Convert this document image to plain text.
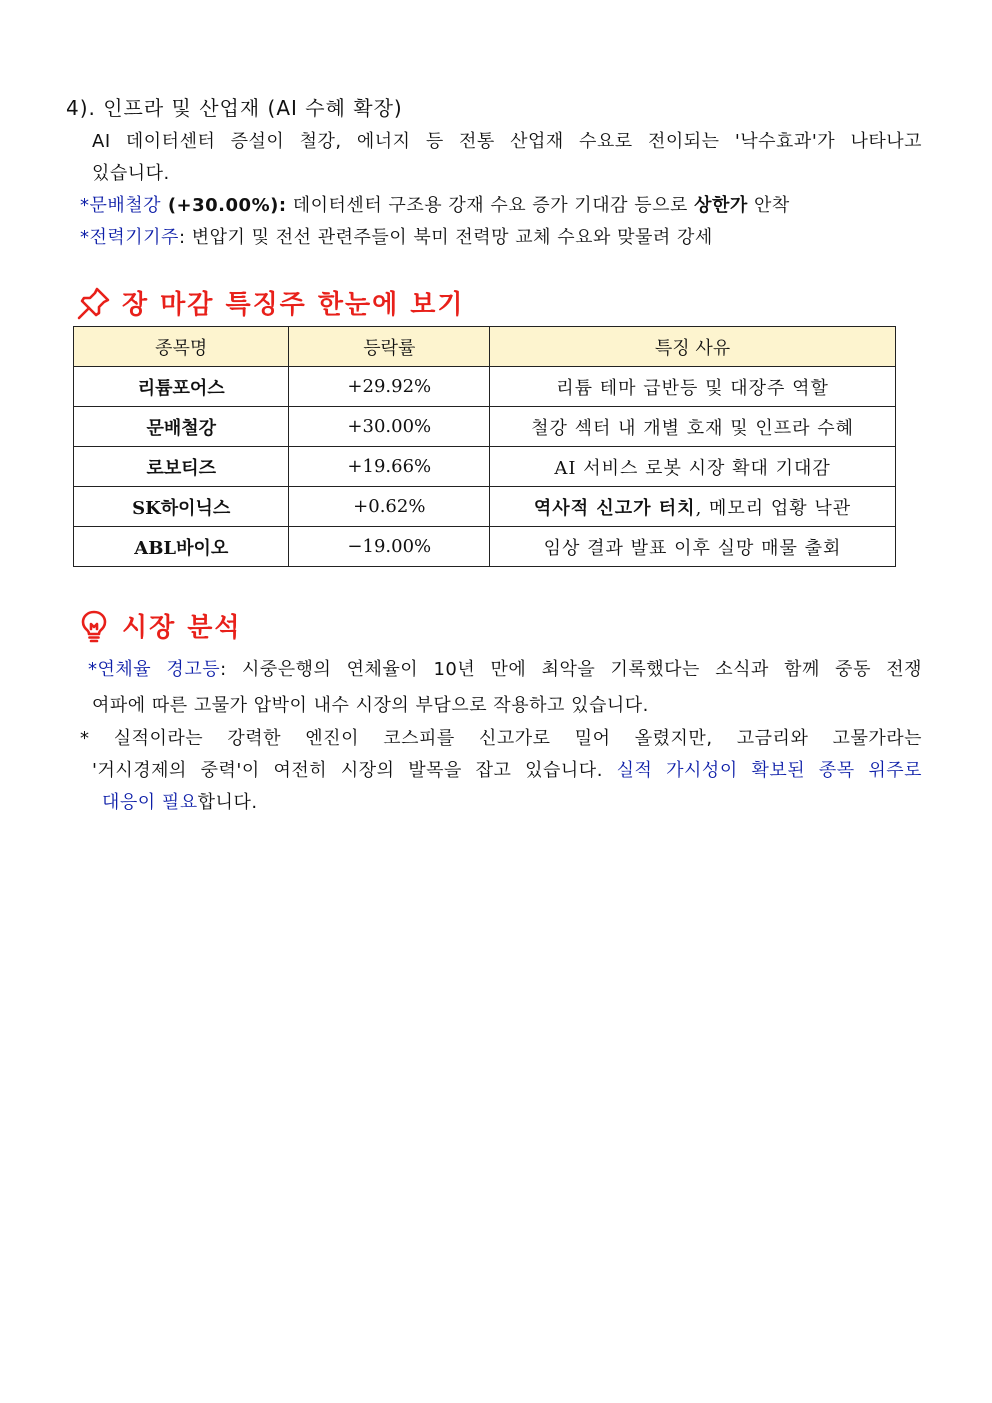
4). 인프라 및 산업재 (AI 수혜 확장)
AI 데이터센터 증설이 철강, 에너지 등 전통 산업재 수요로 전이되는 '낙수효과'가 나타나고
있습니다.
*문배철강 (+30.00%): 데이터센터 구조용 강재 수요 증가 기대감 등으로 상한가 안착
*전력기기주: 변압기 및 전선 관련주들이 북미 전력망 교체 수요와 맞물려 강세
장 마감 특징주 한눈에 보기
종목명	등락률	특징 사유
리튬포어스	+29.92%	리튬 테마 급반등 및 대장주 역할
문배철강	+30.00%	철강 섹터 내 개별 호재 및 인프라 수혜
로보티즈	+19.66%	AI 서비스 로봇 시장 확대 기대감
SK하이닉스	+0.62%	역사적 신고가 터치, 메모리 업황 낙관
ABL바이오	−19.00%	임상 결과 발표 이후 실망 매물 출회
시장 분석
*연체율 경고등: 시중은행의 연체율이 10년 만에 최악을 기록했다는 소식과 함께 중동 전쟁
여파에 따른 고물가 압박이 내수 시장의 부담으로 작용하고 있습니다.
* 실적이라는 강력한 엔진이 코스피를 신고가로 밀어 올렸지만, 고금리와 고물가라는
'거시경제의 중력'이 여전히 시장의 발목을 잡고 있습니다. 실적 가시성이 확보된 종목 위주로
대응이 필요합니다.
